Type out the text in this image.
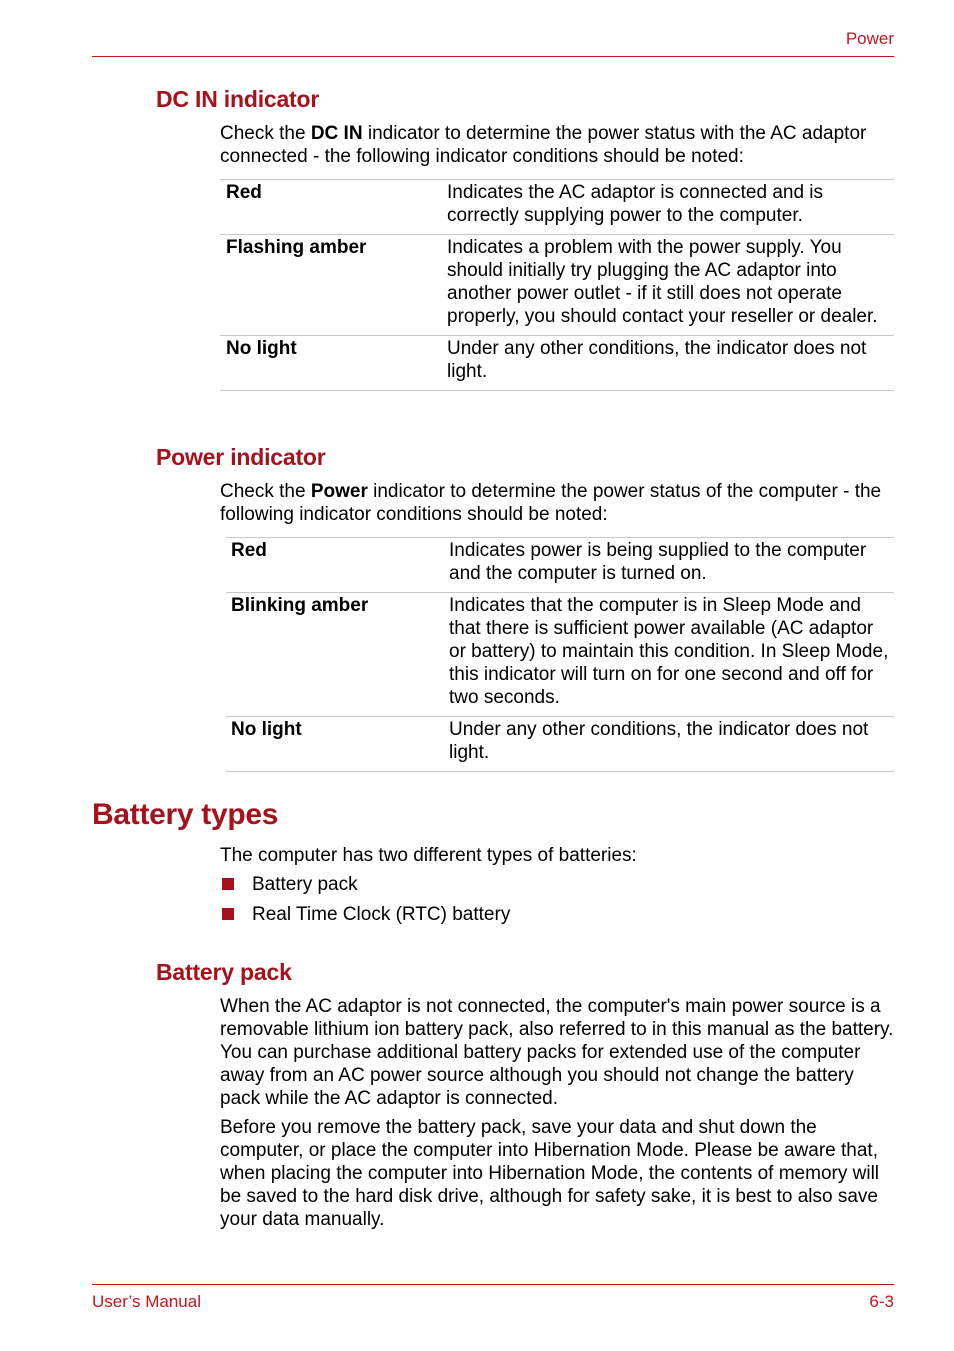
Power
DC IN indicator

Check the DC IN indicator to determine the power status with the AC adaptor connected - the following indicator conditions should be noted:

Red	Indicates the AC adaptor is connected and is correctly supplying power to the computer.
Flashing amber	Indicates a problem with the power supply. You should initially try plugging the AC adaptor into another power outlet - if it still does not operate properly, you should contact your reseller or dealer.
No light	Under any other conditions, the indicator does not light.
Power indicator

Check the Power indicator to determine the power status of the computer - the following indicator conditions should be noted:

Red	Indicates power is being supplied to the computer and the computer is turned on.
Blinking amber	Indicates that the computer is in Sleep Mode and that there is sufficient power available (AC adaptor or battery) to maintain this condition. In Sleep Mode, this indicator will turn on for one second and off for two seconds.
No light	Under any other conditions, the indicator does not light.
Battery types

The computer has two different types of batteries:

Battery pack
Real Time Clock (RTC) battery
Battery pack

When the AC adaptor is not connected, the computer's main power source is a removable lithium ion battery pack, also referred to in this manual as the battery. You can purchase additional battery packs for extended use of the computer away from an AC power source although you should not change the battery pack while the AC adaptor is connected.

Before you remove the battery pack, save your data and shut down the computer, or place the computer into Hibernation Mode. Please be aware that, when placing the computer into Hibernation Mode, the contents of memory will be saved to the hard disk drive, although for safety sake, it is best to also save your data manually.

User’s Manual	6-3
